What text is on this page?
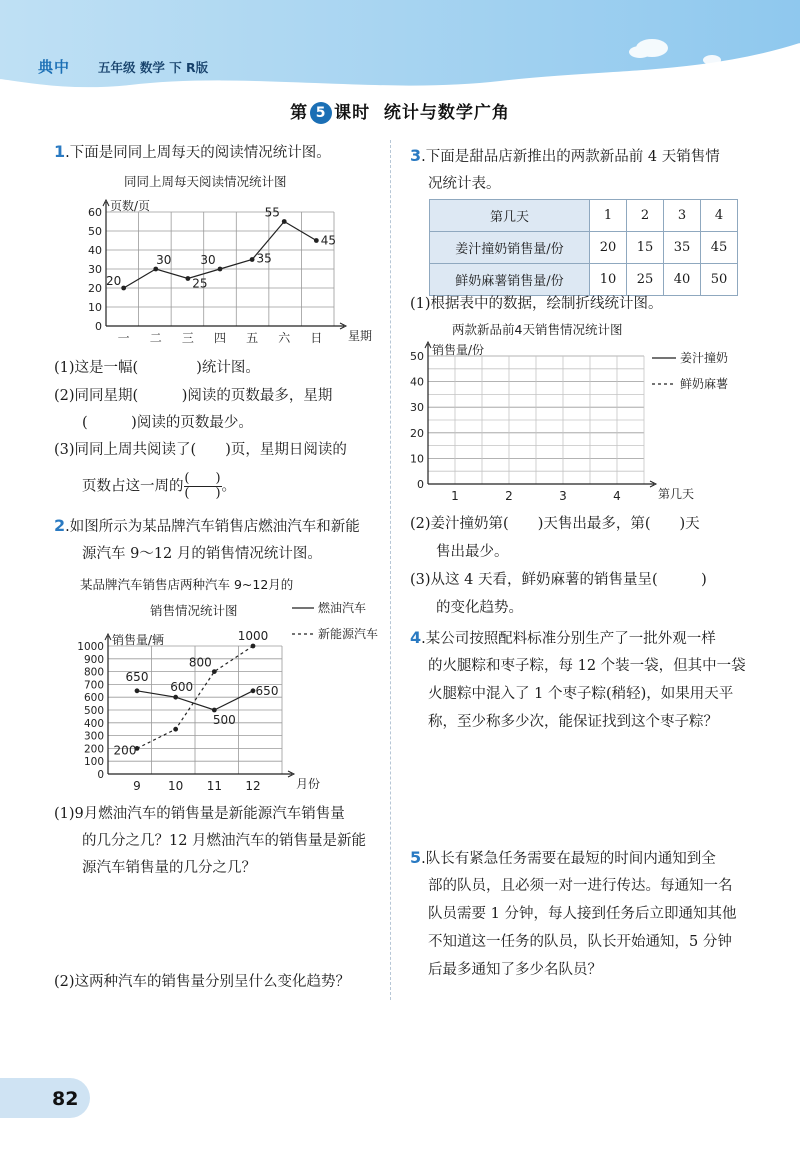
典中 五年级 数学 下 R版
第 5 课时 统计与数学广角
1.下面是同同上周每天的阅读情况统计图。
同同上周每天阅读情况统计图
0
10
20
30
40
50
60
一 二 三 四 五 六 日
页数/页
星期
20
30
25
30	35
55
45
(1)这是一幅(　　　　)统计图。
(2)同同星期(　　　)阅读的页数最多，星期
(　　　)阅读的页数最少。
(3)同同上周共阅读了(　　)页，星期日阅读的
页数占这一周的 $\frac{( )}{( )}$ 。
2.如图所示为某品牌汽车销售店燃油汽车和新能
源汽车 9～12 月的销售情况统计图。
某品牌汽车销售店两种汽车 9~12月的
销售情况统计图
0
100
200
300
400
500
600
700
800
900
1000
9 10 11 12
销售量/辆
月份
650
600
500
650
200
800
1000
燃油汽车
新能源汽车
(1)9月燃油汽车的销售量是新能源汽车销售量
的几分之几？12 月燃油汽车的销售量是新能
源汽车销售量的几分之几？
(2)这两种汽车的销售量分别呈什么变化趋势？
3.下面是甜品店新推出的两款新品前 4 天销售情
况统计表。
第几天	1	2	3	4
姜汁撞奶销售量/份	20	15	35	45
鲜奶麻薯销售量/份	10	25	40	50
(1)根据表中的数据，绘制折线统计图。
两款新品前4天销售情况统计图
0
10
20
30
40
50
1	2	3	4
销售量/份
第几天
姜汁撞奶
鲜奶麻薯
(2)姜汁撞奶第(　　)天售出最多，第(　　)天
售出最少。
(3)从这 4 天看，鲜奶麻薯的销售量呈(　　　)
的变化趋势。
4.某公司按照配料标准分别生产了一批外观一样
的火腿粽和枣子粽，每 12 个装一袋，但其中一袋
火腿粽中混入了 1 个枣子粽(稍轻)，如果用天平
称，至少称多少次，能保证找到这个枣子粽？
5.队长有紧急任务需要在最短的时间内通知到全
部的队员，且必须一对一进行传达。每通知一名
队员需要 1 分钟，每人接到任务后立即通知其他
不知道这一任务的队员，队长开始通知，5 分钟
后最多通知了多少名队员？
82
